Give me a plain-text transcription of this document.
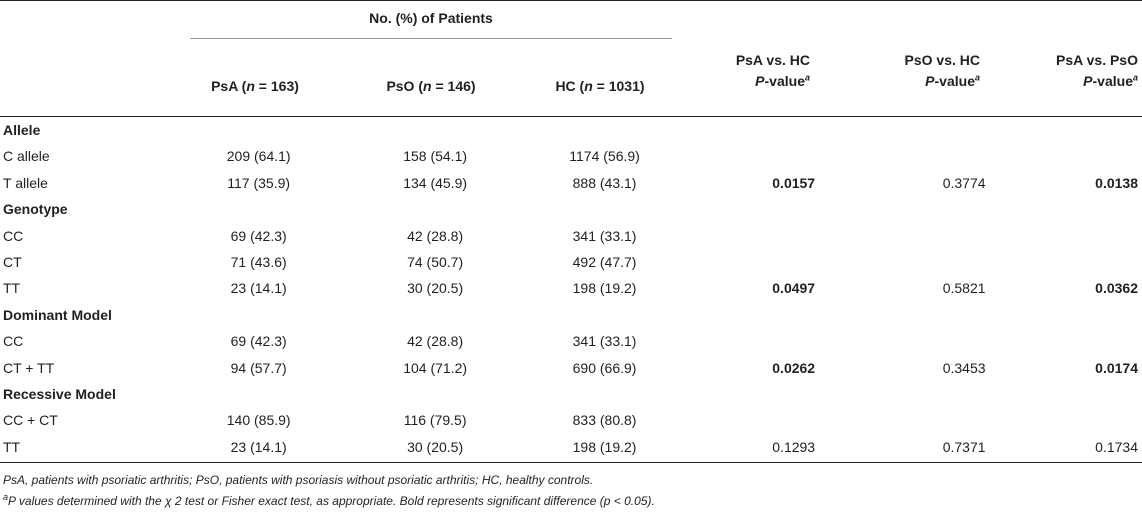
No. (%) of Patients
PsA (n = 163)	PsO (n = 146)	HC (n = 1031)
PsA vs. HC
P-value$^a$
PsO vs. HC
P-value$^a$
PsA vs. PsO
P-value$^a$
Allele								
C allele	209 (64.1)		158 (54.1)		1174 (56.9)			
T allele	117 (35.9)		134 (45.9)		888 (43.1)	0.0157	0.3774	0.0138
Genotype								
CC	69 (42.3)		42 (28.8)		341 (33.1)			
CT	71 (43.6)		74 (50.7)		492 (47.7)			
TT	23 (14.1)		30 (20.5)		198 (19.2)	0.0497	0.5821	0.0362
Dominant Model								
CC	69 (42.3)		42 (28.8)		341 (33.1)			
CT + TT	94 (57.7)		104 (71.2)		690 (66.9)	0.0262	0.3453	0.0174
Recessive Model								
CC + CT	140 (85.9)		116 (79.5)		833 (80.8)			
TT	23 (14.1)		30 (20.5)		198 (19.2)	0.1293	0.7371	0.1734
PsA, patients with psoriatic arthritis; PsO, patients with psoriasis without psoriatic arthritis; HC, healthy controls.
$^a$P values determined with the χ 2 test or Fisher exact test, as appropriate. Bold represents significant difference (p < 0.05).
